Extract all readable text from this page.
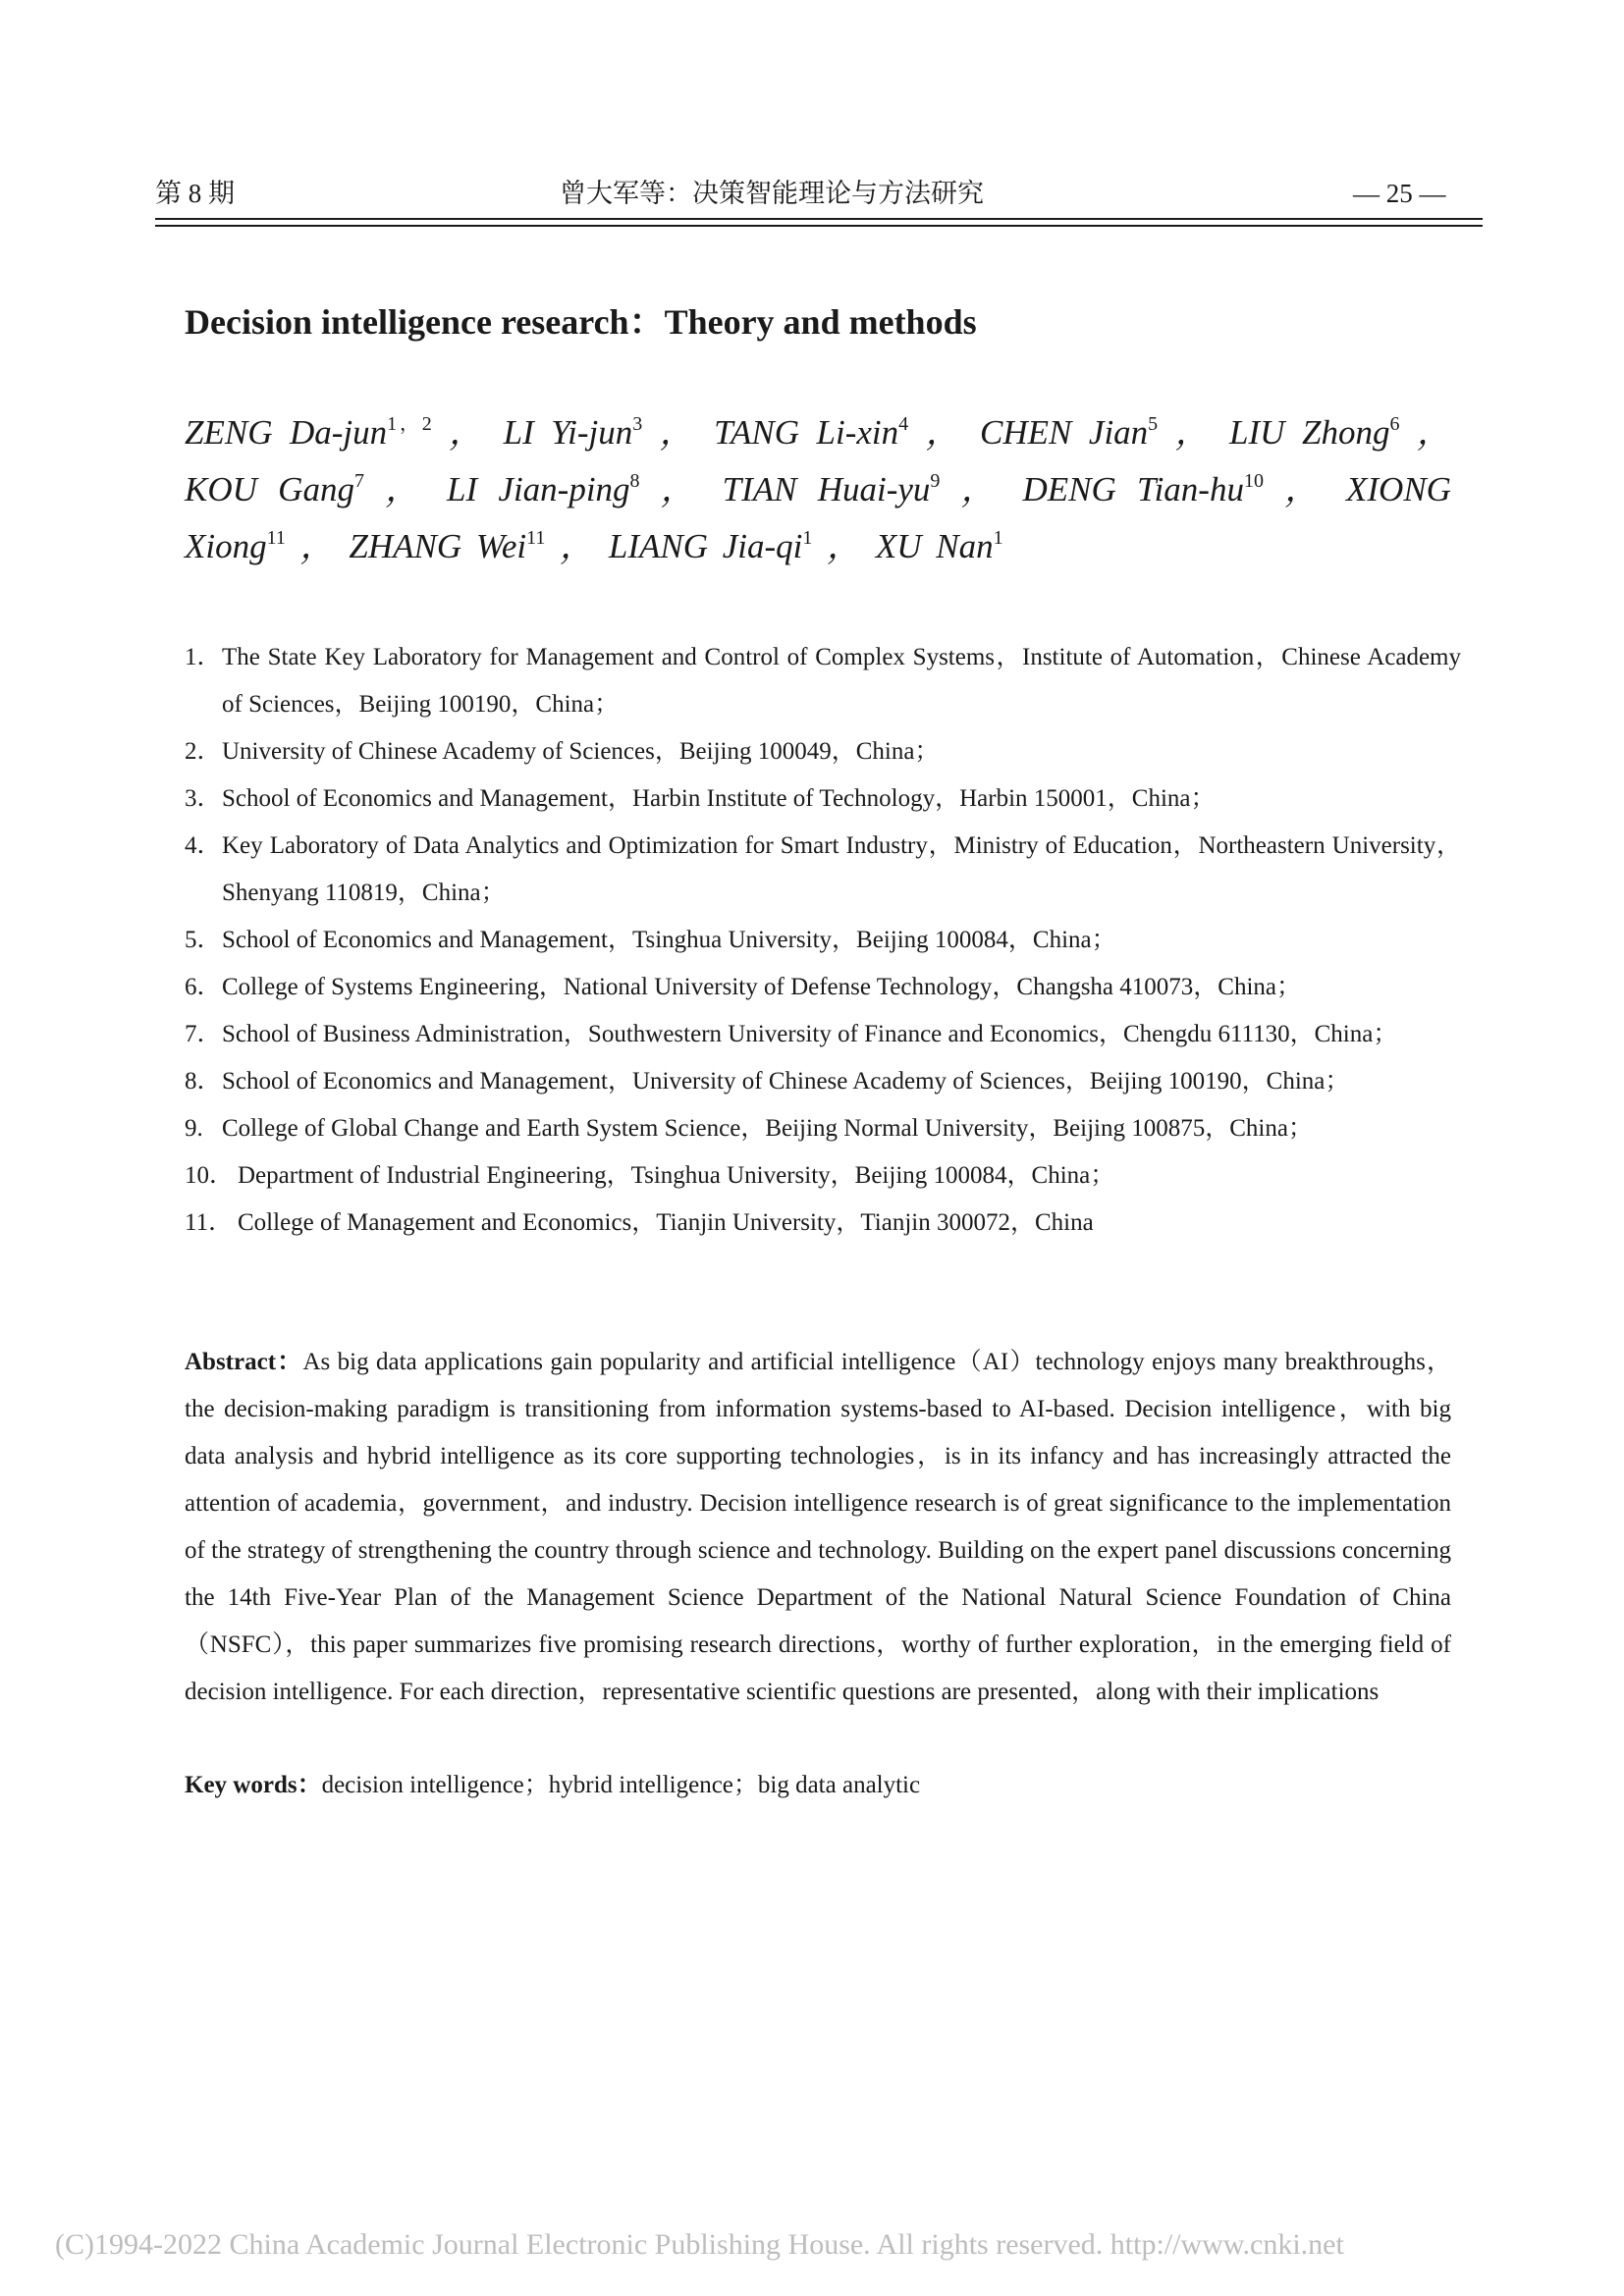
第 8 期	曾大军等：决策智能理论与方法研究	— 25 —
Decision intelligence research：Theory and methods
ZENG Da-jun$^{1,2}$ ， LI Yi-jun$^3$ ， TANG Li-xin$^4$ ， CHEN Jian$^5$ ， LIU Zhong$^6$ ， KOU Gang$^7$ ， LI Jian-ping$^8$ ， TIAN Huai-$yu^9$ ， DENG Tian-$hu^{10}$ ， XIONG Xiong$^{11}$ ， ZHANG Wei$^{11}$ ， LIANG Jia-$qi^1$ ， XU Nan$^1$
1． The State Key Laboratory for Management and Control of Complex Systems，Institute of Automation，Chinese Academy of Sciences，Beijing 100190，China；
2． University of Chinese Academy of Sciences，Beijing 100049，China；
3． School of Economics and Management，Harbin Institute of Technology，Harbin 150001，China；
4． Key Laboratory of Data Analytics and Optimization for Smart Industry，Ministry of Education，Northeastern University，Shenyang 110819，China；
5． School of Economics and Management，Tsinghua University，Beijing 100084，China；
6． College of Systems Engineering，National University of Defense Technology，Changsha 410073，China；
7． School of Business Administration，Southwestern University of Finance and Economics，Chengdu 611130，China；
8． School of Economics and Management，University of Chinese Academy of Sciences，Beijing 100190，China；
9. College of Global Change and Earth System Science，Beijing Normal University，Beijing 100875，China；
10． Department of Industrial Engineering，Tsinghua University，Beijing 100084，China；
11． College of Management and Economics，Tianjin University，Tianjin 300072，China
Abstract：As big data applications gain popularity and artificial intelligence（AI）technology enjoys many breakthroughs，the decision-making paradigm is transitioning from information systems-based to AI-based. Decision intelligence，with big data analysis and hybrid intelligence as its core supporting technologies，is in its infancy and has increasingly attracted the attention of academia，government，and industry. Decision intelligence research is of great significance to the implementation of the strategy of strengthening the country through science and technology. Building on the expert panel discussions concerning the 14th Five-Year Plan of the Management Science Department of the National Natural Science Foundation of China（NSFC），this paper summarizes five promising research directions，worthy of further exploration，in the emerging field of decision intelligence. For each direction，representative scientific questions are presented，along with their implications
Key words：decision intelligence；hybrid intelligence；big data analytic
(C)1994-2022 China Academic Journal Electronic Publishing House. All rights reserved. http://www.cnki.net
